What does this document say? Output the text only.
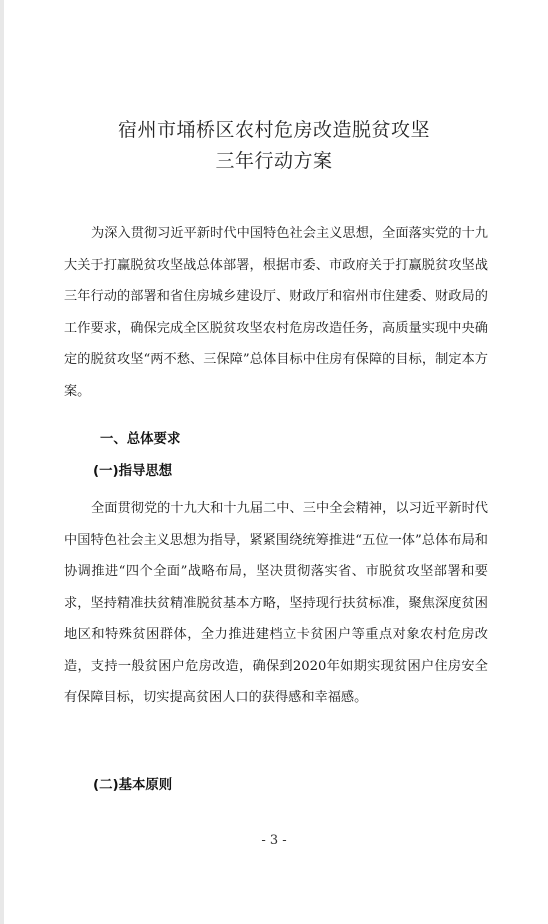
宿州市埇桥区农村危房改造脱贫攻坚
三年行动方案

为深入贯彻习近平新时代中国特色社会主义思想，全面落实党的十九大关于打赢脱贫攻坚战总体部署，根据市委、市政府关于打赢脱贫攻坚战三年行动的部署和省住房城乡建设厅、财政厅和宿州市住建委、财政局的工作要求，确保完成全区脱贫攻坚农村危房改造任务，高质量实现中央确定的脱贫攻坚“两不愁、三保障”总体目标中住房有保障的目标，制定本方案。

一、总体要求
(一)指导思想

全面贯彻党的十九大和十九届二中、三中全会精神，以习近平新时代中国特色社会主义思想为指导，紧紧围绕统筹推进“五位一体”总体布局和协调推进“四个全面”战略布局，坚决贯彻落实省、市脱贫攻坚部署和要求，坚持精准扶贫精准脱贫基本方略，坚持现行扶贫标准，聚焦深度贫困地区和特殊贫困群体，全力推进建档立卡贫困户等重点对象农村危房改造，支持一般贫困户危房改造，确保到2020年如期实现贫困户住房安全有保障目标，切实提高贫困人口的获得感和幸福感。

(二)基本原则
- 3 -
